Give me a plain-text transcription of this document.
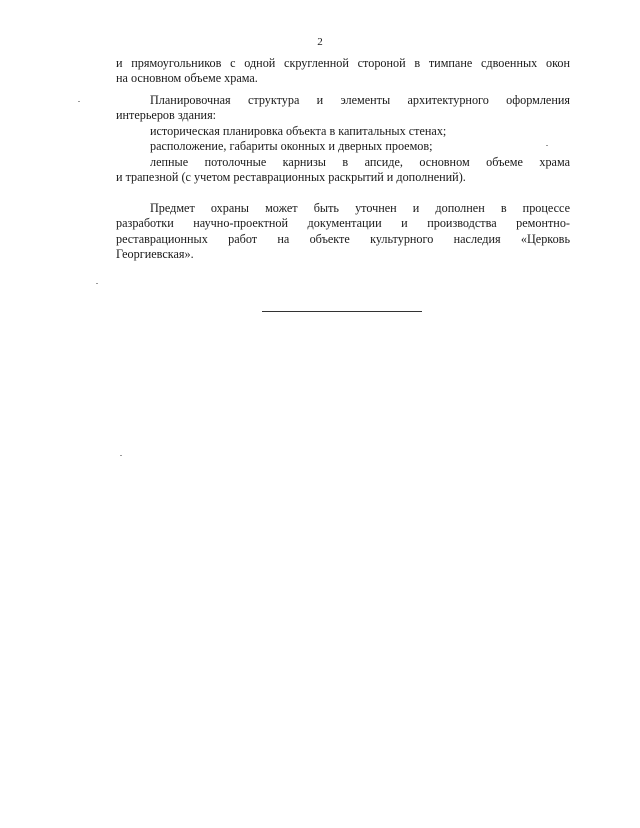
2
и прямоугольников с одной скругленной стороной в тимпане сдвоенных окон
на основном объеме храма.
Планировочная структура и элементы архитектурного оформления
интерьеров здания:
историческая планировка объекта в капитальных стенах;
расположение, габариты оконных и дверных проемов;
лепные потолочные карнизы в апсиде, основном объеме храма
и трапезной (с учетом реставрационных раскрытий и дополнений).
Предмет охраны может быть уточнен и дополнен в процессе
разработки научно-проектной документации и производства ремонтно-
реставрационных работ на объекте культурного наследия «Церковь
Георгиевская».
